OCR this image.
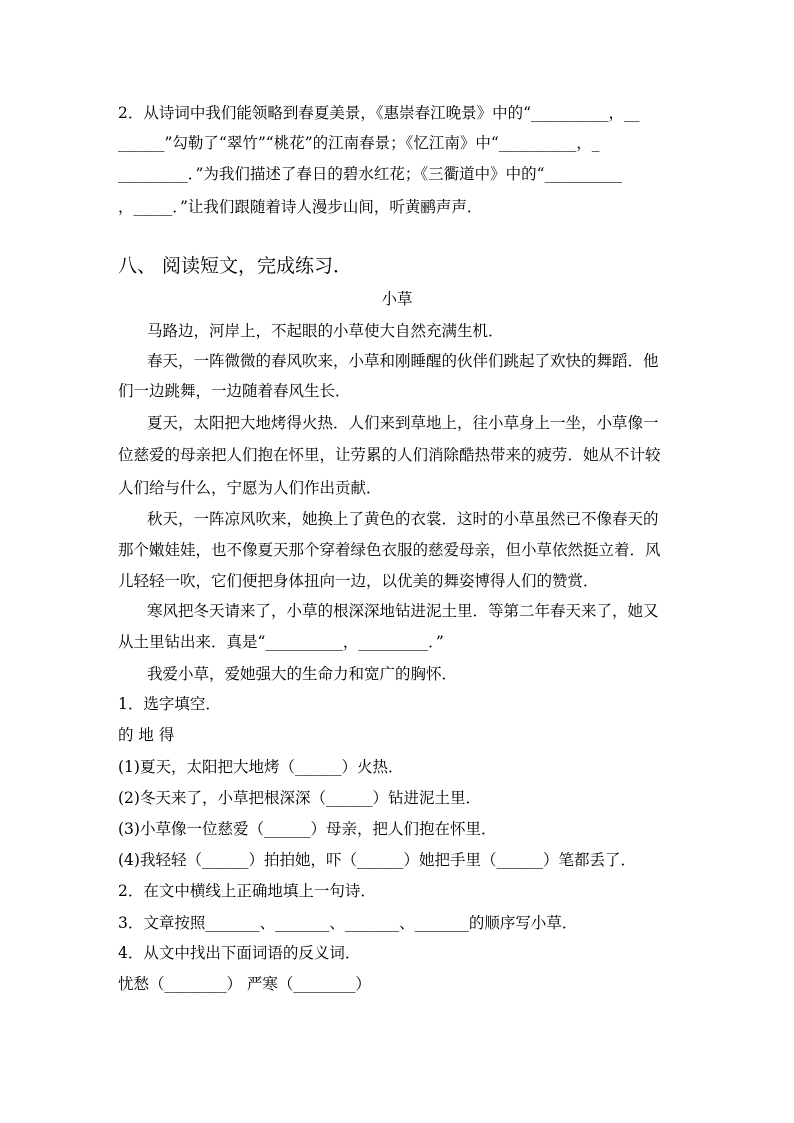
2．从诗词中我们能领略到春夏美景，《惠崇春江晚景》中的“__________，__
______”勾勒了“翠竹”“桃花”的江南春景；《忆江南》中“__________，_
_________．”为我们描述了春日的碧水红花；《三衢道中》中的“__________
，_____．”让我们跟随着诗人漫步山间，听黄鹂声声．
八、 阅读短文，完成练习．
小草
马路边，河岸上，不起眼的小草使大自然充满生机．
春天，一阵微微的春风吹来，小草和刚睡醒的伙伴们跳起了欢快的舞蹈．他
们一边跳舞，一边随着春风生长．
夏天，太阳把大地烤得火热．人们来到草地上，往小草身上一坐，小草像一
位慈爱的母亲把人们抱在怀里，让劳累的人们消除酷热带来的疲劳．她从不计较
人们给与什么，宁愿为人们作出贡献．
秋天，一阵凉风吹来，她换上了黄色的衣裳．这时的小草虽然已不像春天的
那个嫩娃娃，也不像夏天那个穿着绿色衣服的慈爱母亲，但小草依然挺立着．风
儿轻轻一吹，它们便把身体扭向一边，以优美的舞姿博得人们的赞赏．
寒风把冬天请来了，小草的根深深地钻进泥土里．等第二年春天来了，她又
从土里钻出来．真是“__________，_________．”
我爱小草，爱她强大的生命力和宽广的胸怀．
1．选字填空．
的 地 得
(1)夏天，太阳把大地烤（______）火热．
(2)冬天来了，小草把根深深（______）钻进泥土里．
(3)小草像一位慈爱（______）母亲，把人们抱在怀里．
(4)我轻轻（______）拍拍她，吓（______）她把手里（______）笔都丢了．
2．在文中横线上正确地填上一句诗．
3．文章按照_______、_______、_______、_______的顺序写小草．
4．从文中找出下面词语的反义词．
忧愁（________） 严寒（________）
